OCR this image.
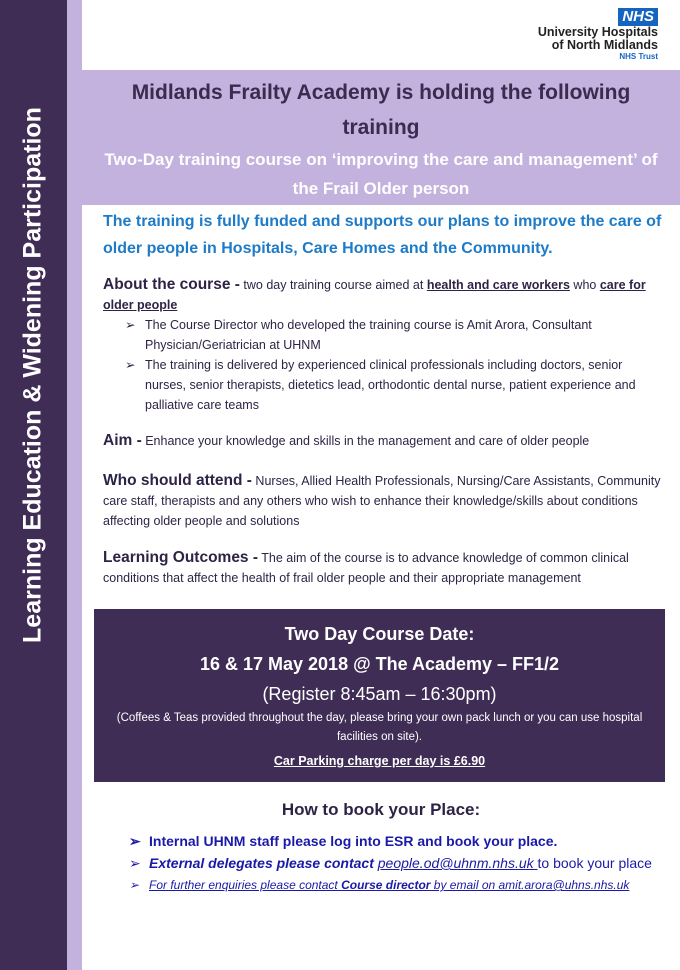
Learning Education & Widening Participation
NHS
University Hospitals
of North Midlands
NHS Trust
Midlands Frailty Academy is holding the following training
Two-Day training course on ‘improving the care and management’ of the Frail Older person
The training is fully funded and supports our plans to improve the care of older people in Hospitals, Care Homes and the Community.
About the course - two day training course aimed at health and care workers who care for older people
➢ The Course Director who developed the training course is Amit Arora, Consultant Physician/Geriatrician at UHNM
➢ The training is delivered by experienced clinical professionals including doctors, senior nurses, senior therapists, dietetics lead, orthodontic dental nurse, patient experience and palliative care teams
Aim - Enhance your knowledge and skills in the management and care of older people
Who should attend - Nurses, Allied Health Professionals, Nursing/Care Assistants, Community care staff, therapists and any others who wish to enhance their knowledge/skills about conditions affecting older people and solutions
Learning Outcomes - The aim of the course is to advance knowledge of common clinical conditions that affect the health of frail older people and their appropriate management
Two Day Course Date:
16 & 17 May 2018 @ The Academy – FF1/2
(Register 8:45am – 16:30pm)
(Coffees & Teas provided throughout the day, please bring your own pack lunch or you can use hospital facilities on site).
Car Parking charge per day is £6.90
How to book your Place:
➢ Internal UHNM staff please log into ESR and book your place.
➢ External delegates please contact people.od@uhnm.nhs.uk to book your place
➢ For further enquiries please contact Course director by email on amit.arora@uhns.nhs.uk
